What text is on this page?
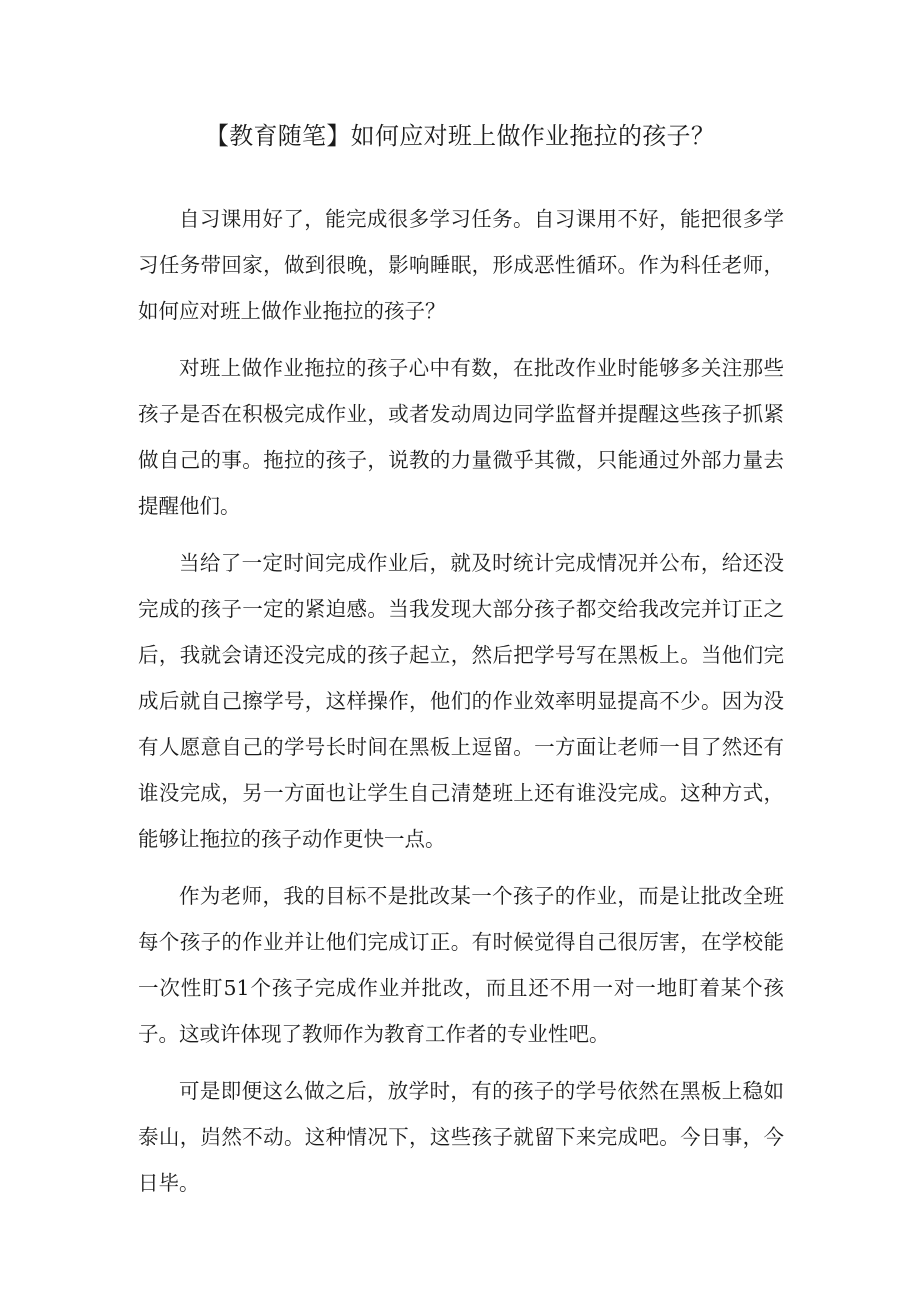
【教育随笔】如何应对班上做作业拖拉的孩子？

自习课用好了，能完成很多学习任务。自习课用不好，能把很多学习任务带回家，做到很晚，影响睡眠，形成恶性循环。作为科任老师，如何应对班上做作业拖拉的孩子？

对班上做作业拖拉的孩子心中有数，在批改作业时能够多关注那些孩子是否在积极完成作业，或者发动周边同学监督并提醒这些孩子抓紧做自己的事。拖拉的孩子，说教的力量微乎其微，只能通过外部力量去提醒他们。

当给了一定时间完成作业后，就及时统计完成情况并公布，给还没完成的孩子一定的紧迫感。当我发现大部分孩子都交给我改完并订正之后，我就会请还没完成的孩子起立，然后把学号写在黑板上。当他们完成后就自己擦学号，这样操作，他们的作业效率明显提高不少。因为没有人愿意自己的学号长时间在黑板上逗留。一方面让老师一目了然还有谁没完成，另一方面也让学生自己清楚班上还有谁没完成。这种方式，能够让拖拉的孩子动作更快一点。

作为老师，我的目标不是批改某一个孩子的作业，而是让批改全班每个孩子的作业并让他们完成订正。有时候觉得自己很厉害，在学校能一次性盯51个孩子完成作业并批改，而且还不用一对一地盯着某个孩子。这或许体现了教师作为教育工作者的专业性吧。

可是即便这么做之后，放学时，有的孩子的学号依然在黑板上稳如泰山，岿然不动。这种情况下，这些孩子就留下来完成吧。今日事，今日毕。
